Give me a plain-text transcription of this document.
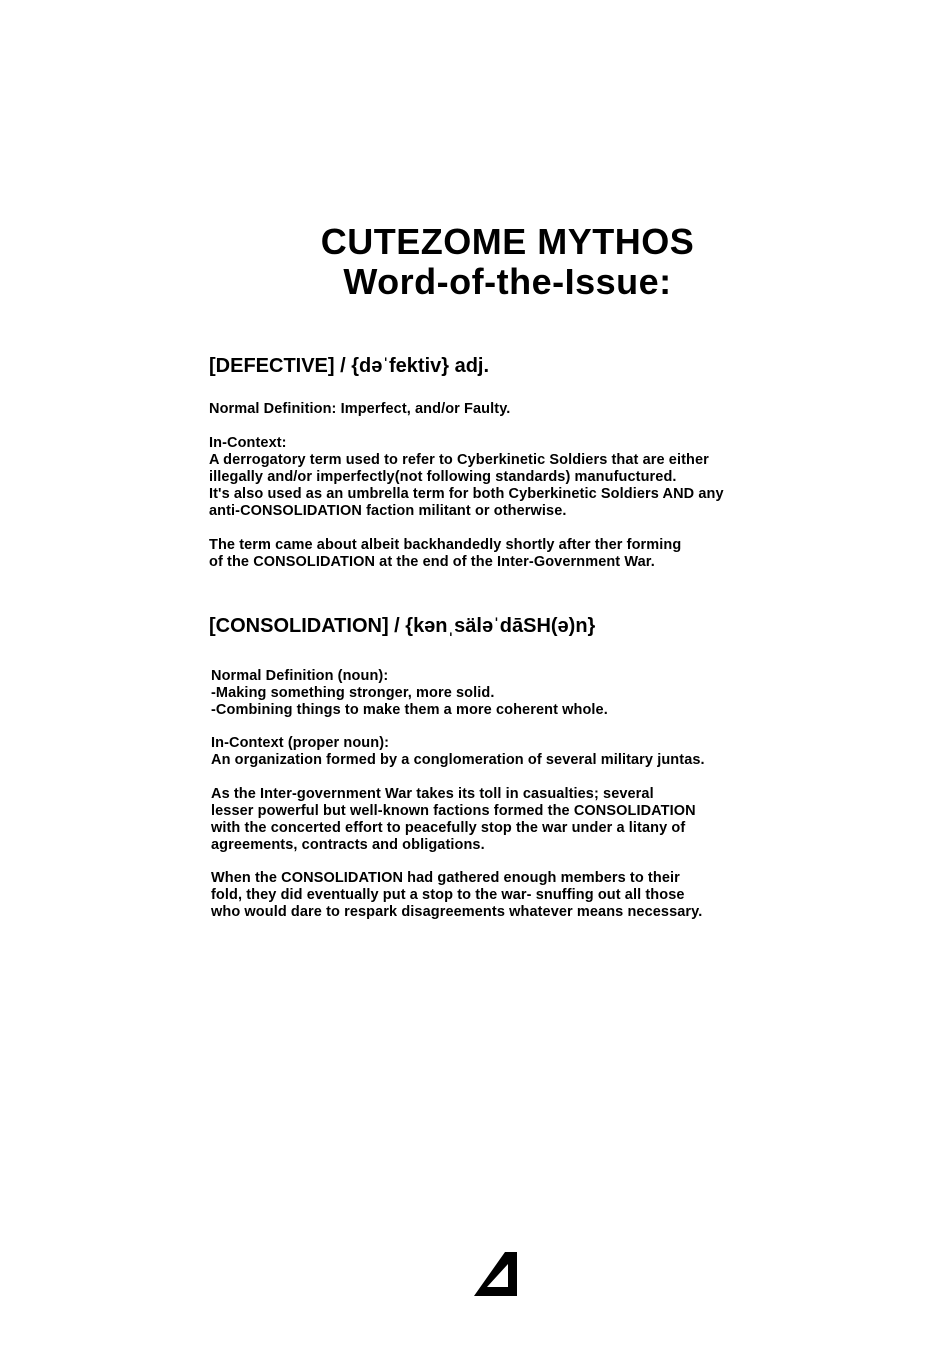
CUTEZOME MYTHOS
Word-of-the-Issue:
[DEFECTIVE] / {dəˈfektiv} adj.
Normal Definition: Imperfect, and/or Faulty.
In-Context:
A derrogatory term used to refer to Cyberkinetic Soldiers that are either
illegally and/or imperfectly(not following standards) manufuctured.
It's also used as an umbrella term for both Cyberkinetic Soldiers AND any
anti-CONSOLIDATION faction militant or otherwise.
The term came about albeit backhandedly shortly after ther forming
of the CONSOLIDATION at the end of the Inter-Government War.
[CONSOLIDATION] / {kənˌsäləˈdāSH(ə)n}
Normal Definition (noun):
-Making something stronger, more solid.
-Combining things to make them a more coherent whole.
In-Context (proper noun):
An organization formed by a conglomeration of several military juntas.
As the Inter-government War takes its toll in casualties; several
lesser powerful but well-known factions formed the CONSOLIDATION
with the concerted effort to peacefully stop the war under a litany of
agreements, contracts and obligations.
When the CONSOLIDATION had gathered enough members to their
fold, they did eventually put a stop to the war- snuffing out all those
who would dare to respark disagreements whatever means necessary.
